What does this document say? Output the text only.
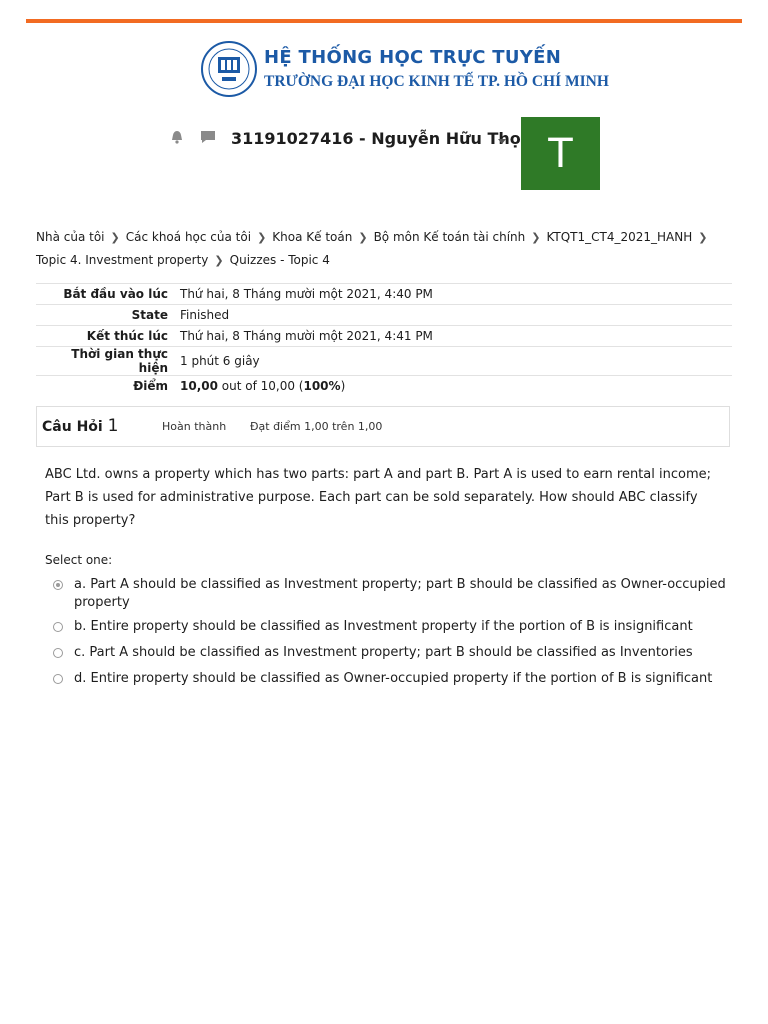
HỆ THỐNG HỌC TRỰC TUYẾN
TRƯỜNG ĐẠI HỌC KINH TẾ TP. HỒ CHÍ MINH
31191027416 - Nguyễn Hữu Thọ T
Nhà của tôi ❯ Các khoá học của tôi ❯ Khoa Kế toán ❯ Bộ môn Kế toán tài chính ❯ KTQT1_CT4_2021_HANH ❯Topic 4. Investment property ❯ Quizzes - Topic 4
Bắt đầu vào lúc	Thứ hai, 8 Tháng mười một 2021, 4:40 PM
State	Finished
Kết thúc lúc	Thứ hai, 8 Tháng mười một 2021, 4:41 PM
Thời gian thực hiện	1 phút 6 giây
Điểm	10,00 out of 10,00 (100%)
Câu Hỏi 1	Hoàn thành Đạt điểm 1,00 trên 1,00
ABC Ltd. owns a property which has two parts: part A and part B. Part A is used to earn rental income; Part B is used for administrative purpose. Each part can be sold separately. How should ABC classify this property?
Select one:
a. Part A should be classified as Investment property; part B should be classified as Owner-occupied property
b. Entire property should be classified as Investment property if the portion of B is insignificant
c. Part A should be classified as Investment property; part B should be classified as Inventories
d. Entire property should be classified as Owner-occupied property if the portion of B is significant
